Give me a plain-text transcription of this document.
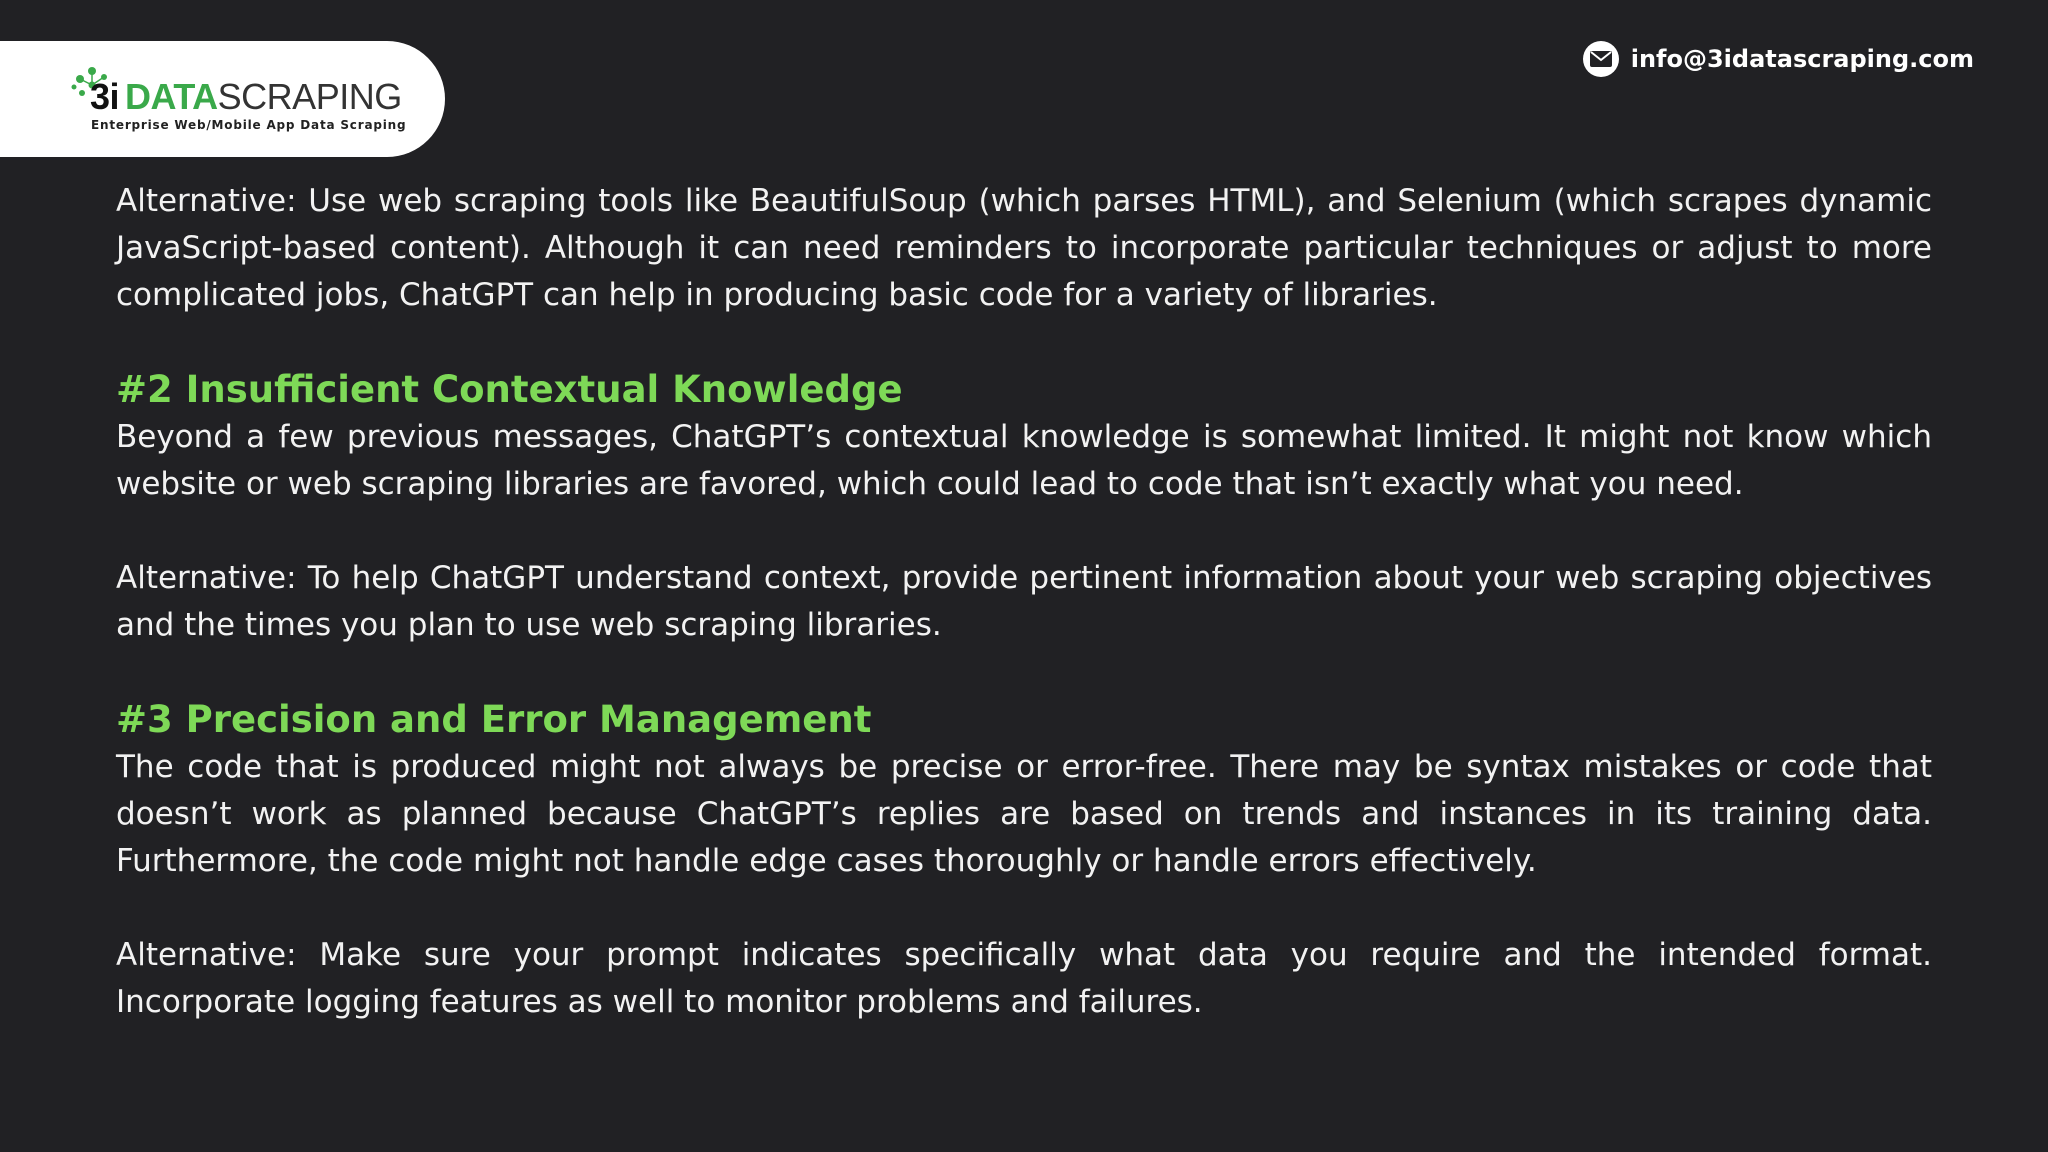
3i DATASCRAPING
Enterprise Web/Mobile App Data Scraping
info@3idatascraping.com

Alternative: Use web scraping tools like BeautifulSoup (which parses HTML), and Selenium (which scrapes dynamic JavaScript-based content). Although it can need reminders to incorporate particular techniques or adjust to more complicated jobs, ChatGPT can help in producing basic code for a variety of libraries.

#2 Insufficient Contextual Knowledge

Beyond a few previous messages, ChatGPT’s contextual knowledge is somewhat limited. It might not know which website or web scraping libraries are favored, which could lead to code that isn’t exactly what you need.

Alternative: To help ChatGPT understand context, provide pertinent information about your web scraping objectives and the times you plan to use web scraping libraries.

#3 Precision and Error Management

The code that is produced might not always be precise or error-free. There may be syntax mistakes or code that doesn’t work as planned because ChatGPT’s replies are based on trends and instances in its training data. Furthermore, the code might not handle edge cases thoroughly or handle errors effectively.

Alternative: Make sure your prompt indicates specifically what data you require and the intended format. Incorporate logging features as well to monitor problems and failures.
